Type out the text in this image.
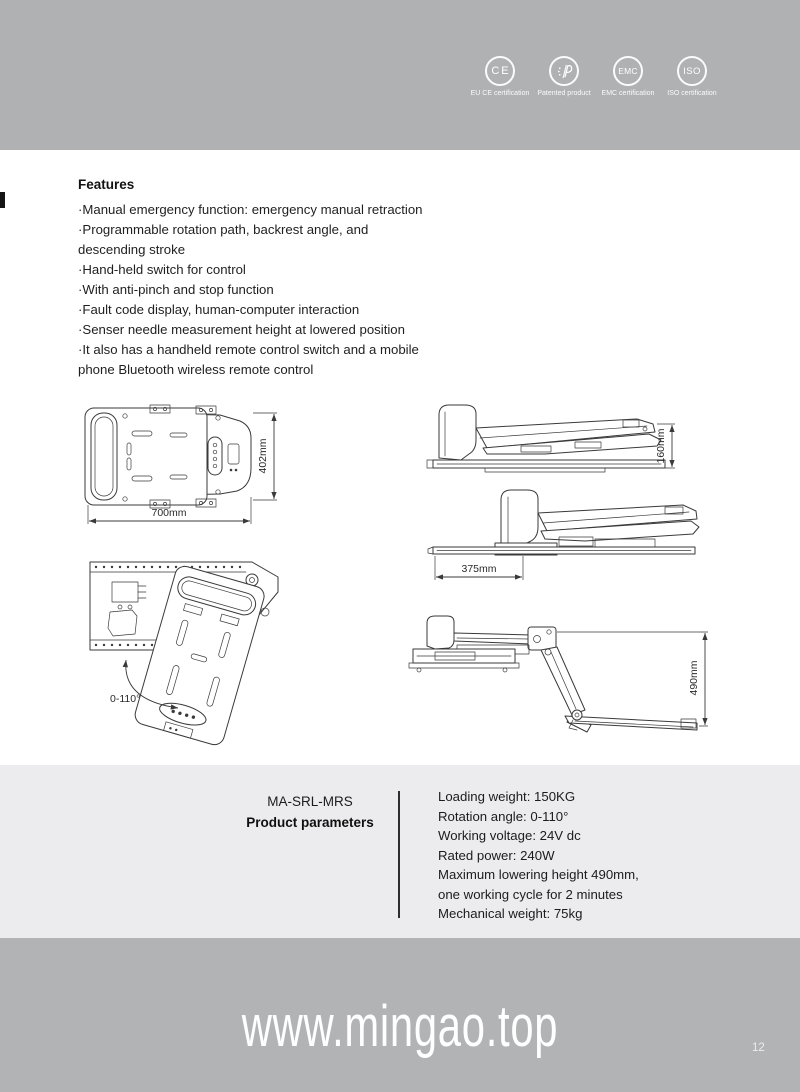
CE
EU CE certification Patented product
EMC
EMC certification
ISO
ISO certification
Features
·Manual emergency function: emergency manual retraction
·Programmable rotation path, backrest angle, and
descending stroke
·Hand-held switch for control
·With anti-pinch and stop function
·Fault code display, human-computer interaction
·Senser needle measurement height at lowered position
·It also has a handheld remote control switch and a mobile
phone Bluetooth wireless remote control
402mm
700mm
160mm
375mm
0-110°
490mm
MA-SRL-MRS
Product parameters
Loading weight: 150KG
Rotation angle: 0-110°
Working voltage: 24V dc
Rated power: 240W
Maximum lowering height 490mm,
one working cycle for 2 minutes
Mechanical weight: 75kg
www.mingao.top	12
